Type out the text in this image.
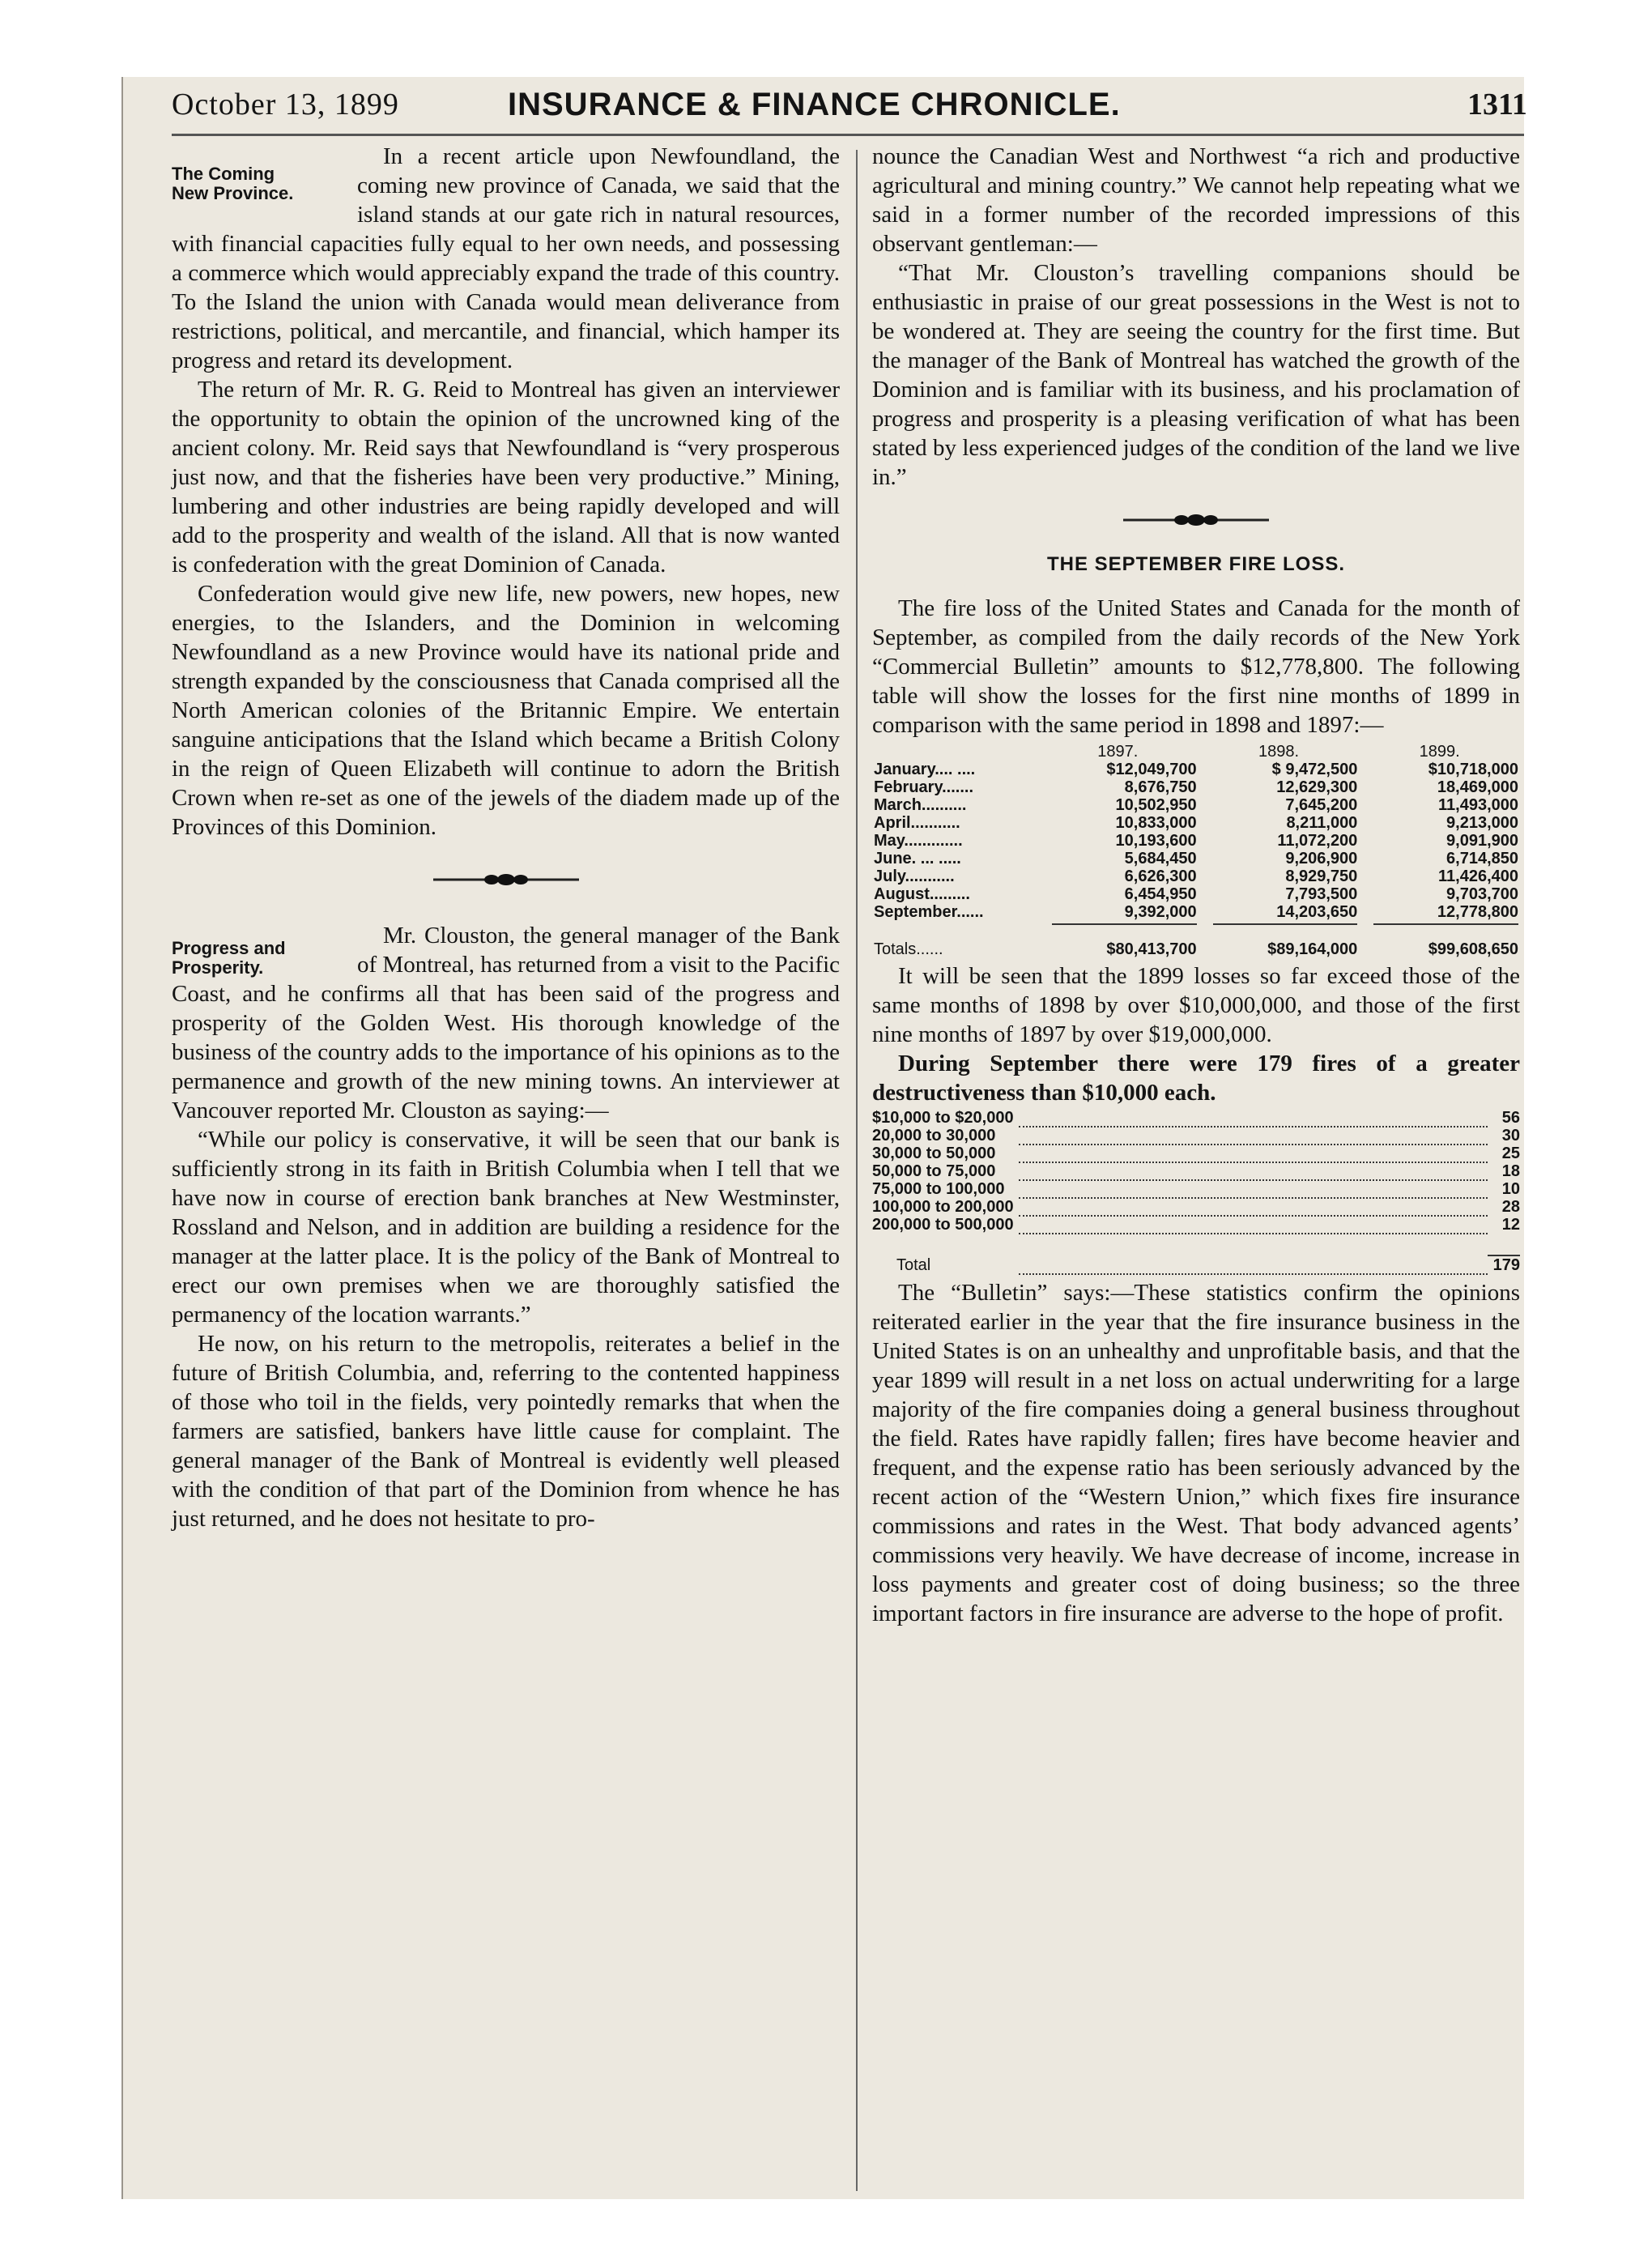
October 13, 1899	INSURANCE & FINANCE CHRONICLE.	1311
The Coming
New Province.

In a recent article upon Newfoundland, the coming new province of Canada, we said that the island stands at our gate rich in natural resources, with financial capacities fully equal to her own needs, and possessing a commerce which would appreciably expand the trade of this country. To the Island the union with Canada would mean deliverance from restrictions, political, and mercantile, and financial, which hamper its progress and retard its development.

The return of Mr. R. G. Reid to Montreal has given an interviewer the opportunity to obtain the opinion of the uncrowned king of the ancient colony. Mr. Reid says that Newfoundland is “very prosperous just now, and that the fisheries have been very productive.” Mining, lumbering and other industries are being rapidly developed and will add to the prosperity and wealth of the island. All that is now wanted is confederation with the great Dominion of Canada.

Confederation would give new life, new powers, new hopes, new energies, to the Islanders, and the Dominion in welcoming Newfoundland as a new Province would have its national pride and strength expanded by the consciousness that Canada comprised all the North American colonies of the Britannic Empire. We entertain sanguine anticipations that the Island which became a British Colony in the reign of Queen Elizabeth will continue to adorn the British Crown when re-set as one of the jewels of the diadem made up of the Provinces of this Dominion.

Progress and
Prosperity.

Mr. Clouston, the general manager of the Bank of Montreal, has returned from a visit to the Pacific Coast, and he confirms all that has been said of the progress and prosperity of the Golden West. His thorough knowledge of the business of the country adds to the importance of his opinions as to the permanence and growth of the new mining towns. An interviewer at Vancouver reported Mr. Clouston as saying:—

“While our policy is conservative, it will be seen that our bank is sufficiently strong in its faith in British Columbia when I tell that we have now in course of erection bank branches at New Westminster, Rossland and Nelson, and in addition are building a residence for the manager at the latter place. It is the policy of the Bank of Montreal to erect our own premises when we are thoroughly satisfied the permanency of the location warrants.”

He now, on his return to the metropolis, reiterates a belief in the future of British Columbia, and, referring to the contented happiness of those who toil in the fields, very pointedly remarks that when the farmers are satisfied, bankers have little cause for complaint. The general manager of the Bank of Montreal is evidently well pleased with the condition of that part of the Dominion from whence he has just returned, and he does not hesitate to pro-

nounce the Canadian West and Northwest “a rich and productive agricultural and mining country.” We cannot help repeating what we said in a former number of the recorded impressions of this observant gentleman:—

“That Mr. Clouston’s travelling companions should be enthusiastic in praise of our great possessions in the West is not to be wondered at. They are seeing the country for the first time. But the manager of the Bank of Montreal has watched the growth of the Dominion and is familiar with its business, and his proclamation of progress and prosperity is a pleasing verification of what has been stated by less experienced judges of the condition of the land we live in.”

THE SEPTEMBER FIRE LOSS.

The fire loss of the United States and Canada for the month of September, as compiled from the daily records of the New York “Commercial Bulletin” amounts to $12,778,800. The following table will show the losses for the first nine months of 1899 in comparison with the same period in 1898 and 1897:—

	1897.	1898.	1899.
January.... ....	$12,049,700	$ 9,472,500	$10,718,000
February.......	8,676,750	12,629,300	18,469,000
March..........	10,502,950	7,645,200	11,493,000
April...........	10,833,000	8,211,000	9,213,000
May.............	10,193,600	11,072,200	9,091,900
June. ... .....	5,684,450	9,206,900	6,714,850
July...........	6,626,300	8,929,750	11,426,400
August.........	6,454,950	7,793,500	9,703,700
September......	9,392,000	14,203,650	12,778,800

Totals......	$80,413,700	$89,164,000	$99,608,650

It will be seen that the 1899 losses so far exceed those of the same months of 1898 by over $10,000,000, and those of the first nine months of 1897 by over $19,000,000.

During September there were 179 fires of a greater destructiveness than $10,000 each.

$10,000 to $20,000		56
20,000 to 30,000		30
30,000 to 50,000		25
50,000 to 75,000		18
75,000 to 100,000		10
100,000 to 200,000		28
200,000 to 500,000		12

Total		179

The “Bulletin” says:—These statistics confirm the opinions reiterated earlier in the year that the fire insurance business in the United States is on an unhealthy and unprofitable basis, and that the year 1899 will result in a net loss on actual underwriting for a large majority of the fire companies doing a general business throughout the field. Rates have rapidly fallen; fires have become heavier and frequent, and the expense ratio has been seriously advanced by the recent action of the “Western Union,” which fixes fire insurance commissions and rates in the West. That body advanced agents’ commissions very heavily. We have decrease of income, increase in loss payments and greater cost of doing business; so the three important factors in fire insurance are adverse to the hope of profit.
